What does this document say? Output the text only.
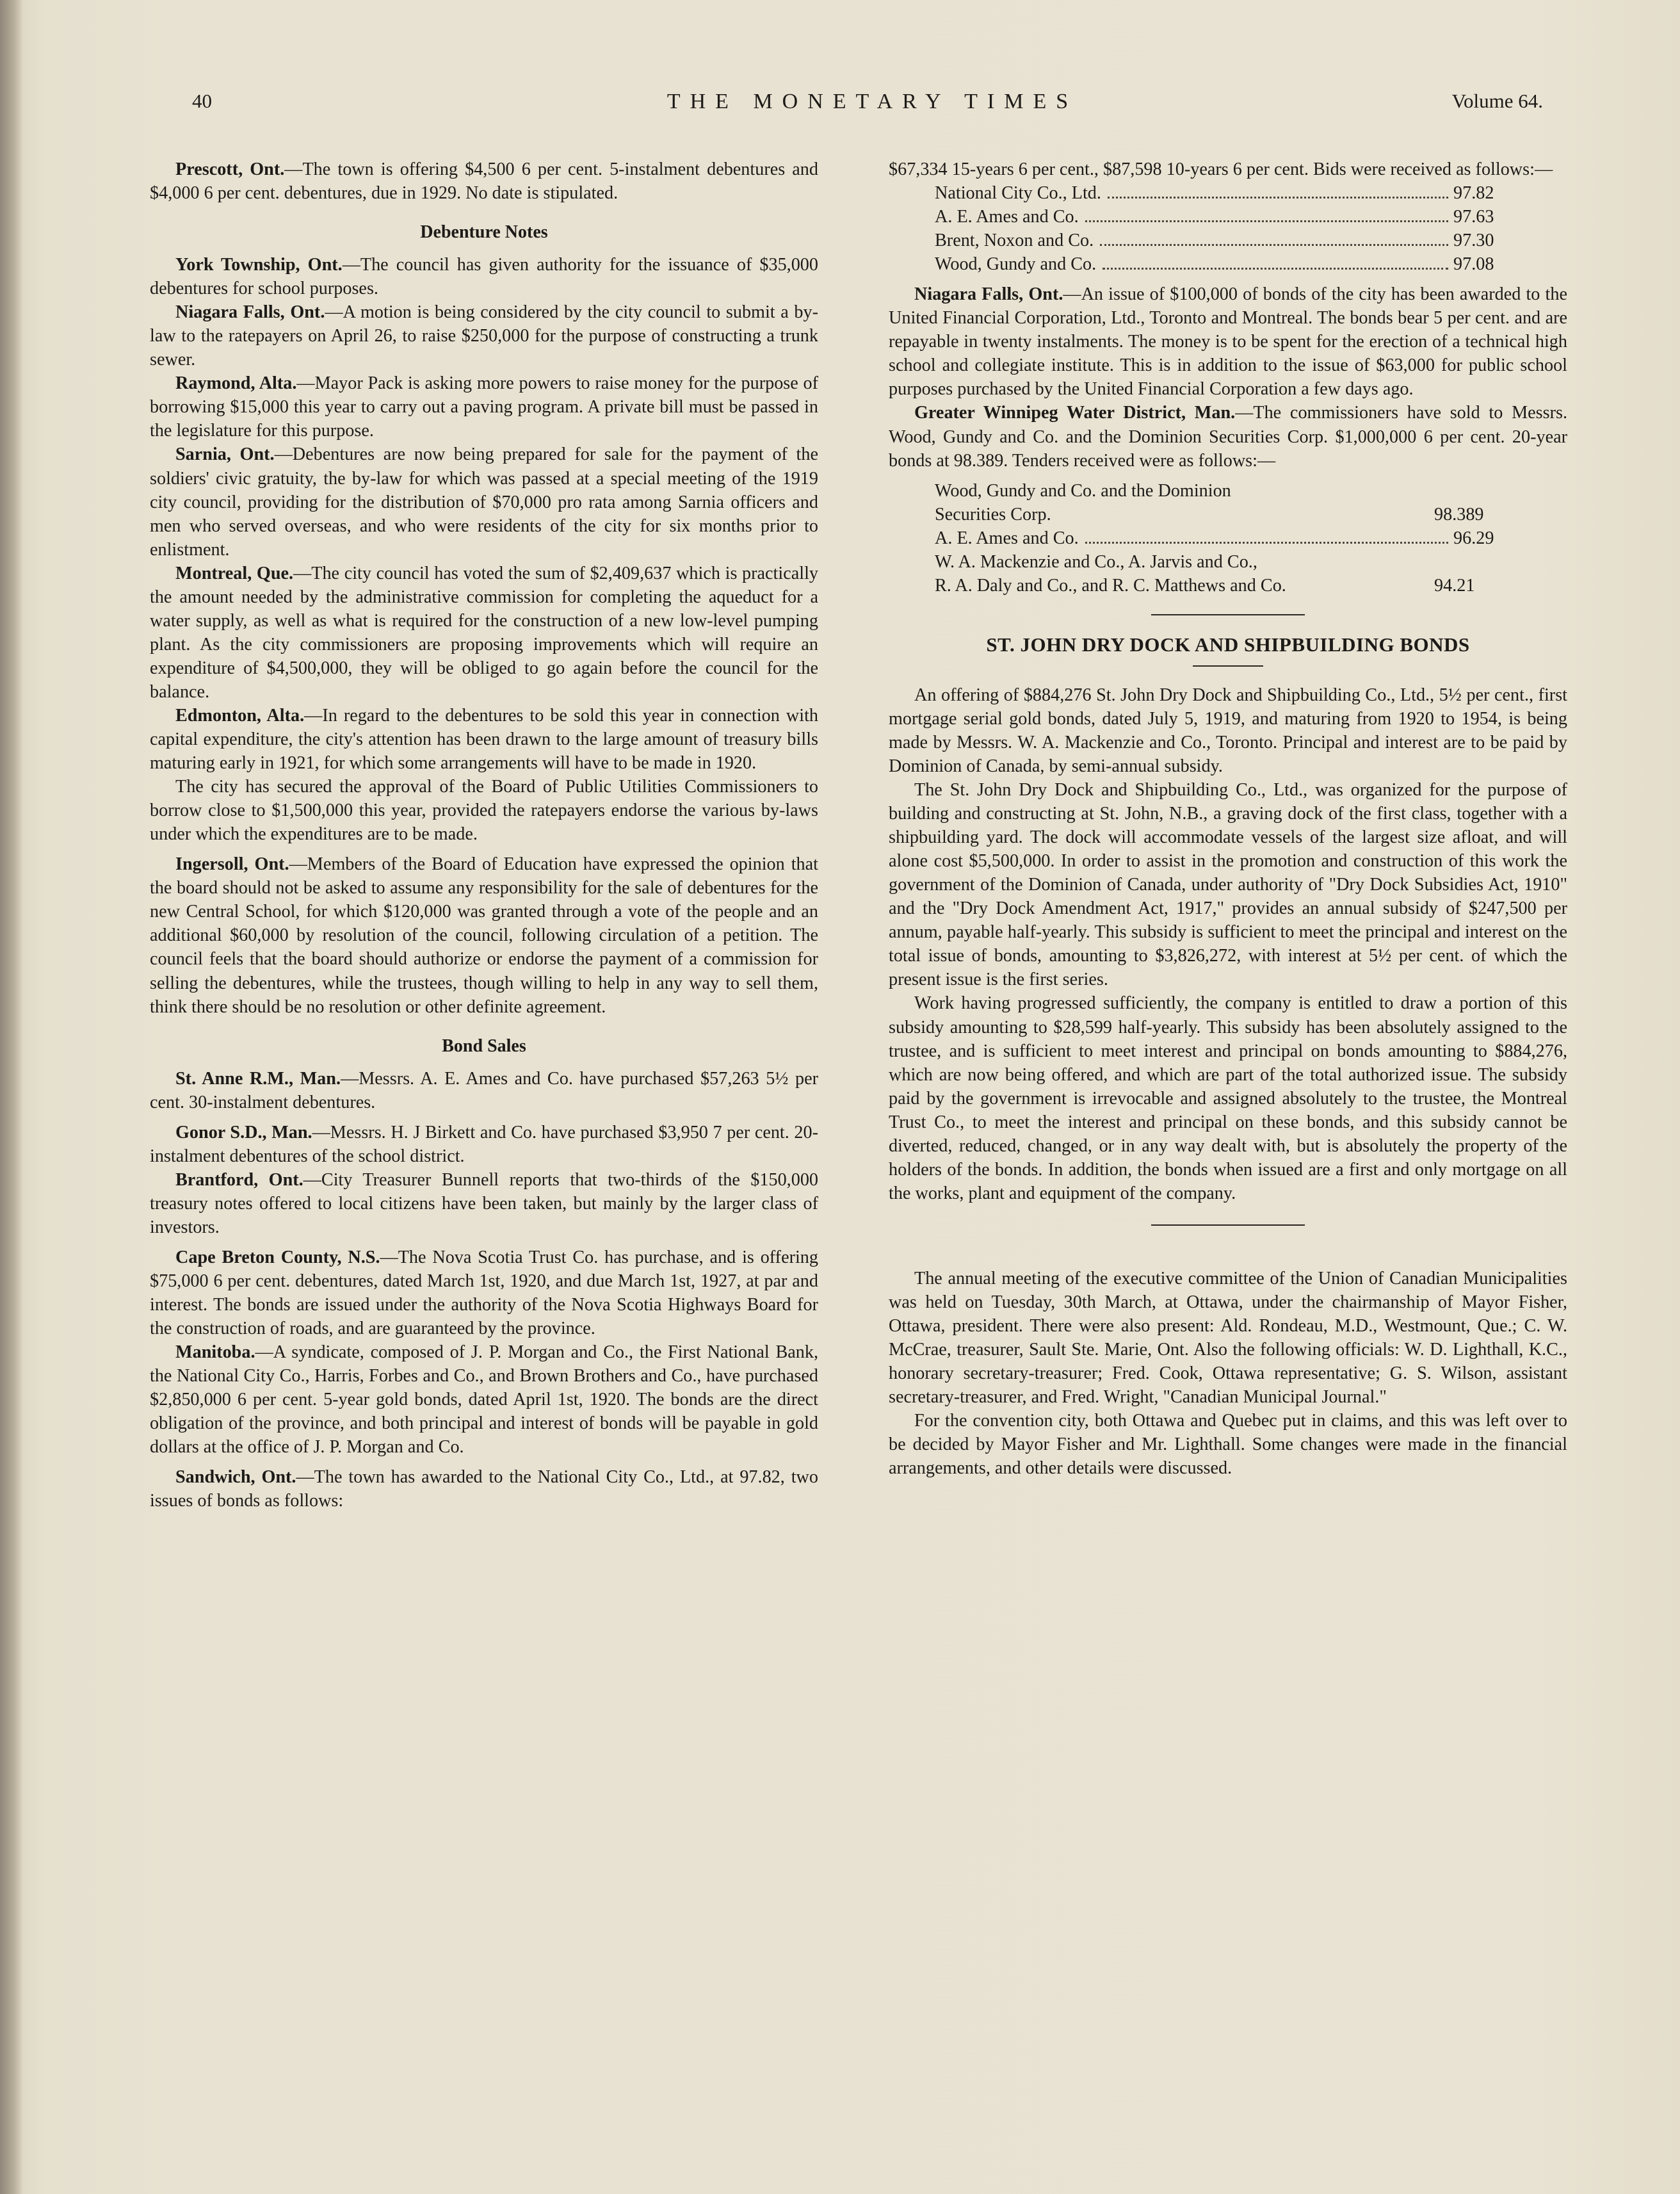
40	THE MONETARY TIMES	Volume 64.

Prescott, Ont.—The town is offering $4,500 6 per cent. 5-instalment debentures and $4,000 6 per cent. debentures, due in 1929. No date is stipulated.

Debenture Notes

York Township, Ont.—The council has given authority for the issuance of $35,000 debentures for school purposes.

Niagara Falls, Ont.—A motion is being considered by the city council to submit a by-law to the ratepayers on April 26, to raise $250,000 for the purpose of constructing a trunk sewer.

Raymond, Alta.—Mayor Pack is asking more powers to raise money for the purpose of borrowing $15,000 this year to carry out a paving program. A private bill must be passed in the legislature for this purpose.

Sarnia, Ont.—Debentures are now being prepared for sale for the payment of the soldiers' civic gratuity, the by-law for which was passed at a special meeting of the 1919 city council, providing for the distribution of $70,000 pro rata among Sarnia officers and men who served overseas, and who were residents of the city for six months prior to enlistment.

Montreal, Que.—The city council has voted the sum of $2,409,637 which is practically the amount needed by the administrative commission for completing the aqueduct for a water supply, as well as what is required for the construction of a new low-level pumping plant. As the city commissioners are proposing improvements which will require an expenditure of $4,500,000, they will be obliged to go again before the council for the balance.

Edmonton, Alta.—In regard to the debentures to be sold this year in connection with capital expenditure, the city's attention has been drawn to the large amount of treasury bills maturing early in 1921, for which some arrangements will have to be made in 1920.

The city has secured the approval of the Board of Public Utilities Commissioners to borrow close to $1,500,000 this year, provided the ratepayers endorse the various by-laws under which the expenditures are to be made.

Ingersoll, Ont.—Members of the Board of Education have expressed the opinion that the board should not be asked to assume any responsibility for the sale of debentures for the new Central School, for which $120,000 was granted through a vote of the people and an additional $60,000 by resolution of the council, following circulation of a petition. The council feels that the board should authorize or endorse the payment of a commission for selling the debentures, while the trustees, though willing to help in any way to sell them, think there should be no resolution or other definite agreement.

Bond Sales

St. Anne R.M., Man.—Messrs. A. E. Ames and Co. have purchased $57,263 5½ per cent. 30-instalment debentures.

Gonor S.D., Man.—Messrs. H. J Birkett and Co. have purchased $3,950 7 per cent. 20-instalment debentures of the school district.

Brantford, Ont.—City Treasurer Bunnell reports that two-thirds of the $150,000 treasury notes offered to local citizens have been taken, but mainly by the larger class of investors.

Cape Breton County, N.S.—The Nova Scotia Trust Co. has purchase, and is offering $75,000 6 per cent. debentures, dated March 1st, 1920, and due March 1st, 1927, at par and interest. The bonds are issued under the authority of the Nova Scotia Highways Board for the construction of roads, and are guaranteed by the province.

Manitoba.—A syndicate, composed of J. P. Morgan and Co., the First National Bank, the National City Co., Harris, Forbes and Co., and Brown Brothers and Co., have purchased $2,850,000 6 per cent. 5-year gold bonds, dated April 1st, 1920. The bonds are the direct obligation of the province, and both principal and interest of bonds will be payable in gold dollars at the office of J. P. Morgan and Co.

Sandwich, Ont.—The town has awarded to the National City Co., Ltd., at 97.82, two issues of bonds as follows:

$67,334 15-years 6 per cent., $87,598 10-years 6 per cent. Bids were received as follows:—

National City Co., Ltd.	97.82
A. E. Ames and Co.	97.63
Brent, Noxon and Co.	97.30
Wood, Gundy and Co.	97.08

Niagara Falls, Ont.—An issue of $100,000 of bonds of the city has been awarded to the United Financial Corporation, Ltd., Toronto and Montreal. The bonds bear 5 per cent. and are repayable in twenty instalments. The money is to be spent for the erection of a technical high school and collegiate institute. This is in addition to the issue of $63,000 for public school purposes purchased by the United Financial Corporation a few days ago.

Greater Winnipeg Water District, Man.—The commissioners have sold to Messrs. Wood, Gundy and Co. and the Dominion Securities Corp. $1,000,000 6 per cent. 20-year bonds at 98.389. Tenders received were as follows:—

Wood, Gundy and Co. and the Dominion
Securities Corp.	98.389
A. E. Ames and Co.	96.29
W. A. Mackenzie and Co., A. Jarvis and Co.,
R. A. Daly and Co., and R. C. Matthews and Co.	94.21
ST. JOHN DRY DOCK AND SHIPBUILDING BONDS

An offering of $884,276 St. John Dry Dock and Shipbuilding Co., Ltd., 5½ per cent., first mortgage serial gold bonds, dated July 5, 1919, and maturing from 1920 to 1954, is being made by Messrs. W. A. Mackenzie and Co., Toronto. Principal and interest are to be paid by Dominion of Canada, by semi-annual subsidy.

The St. John Dry Dock and Shipbuilding Co., Ltd., was organized for the purpose of building and constructing at St. John, N.B., a graving dock of the first class, together with a shipbuilding yard. The dock will accommodate vessels of the largest size afloat, and will alone cost $5,500,000. In order to assist in the promotion and construction of this work the government of the Dominion of Canada, under authority of "Dry Dock Subsidies Act, 1910" and the "Dry Dock Amendment Act, 1917," provides an annual subsidy of $247,500 per annum, payable half-yearly. This subsidy is sufficient to meet the principal and interest on the total issue of bonds, amounting to $3,826,272, with interest at 5½ per cent. of which the present issue is the first series.

Work having progressed sufficiently, the company is entitled to draw a portion of this subsidy amounting to $28,599 half-yearly. This subsidy has been absolutely assigned to the trustee, and is sufficient to meet interest and principal on bonds amounting to $884,276, which are now being offered, and which are part of the total authorized issue. The subsidy paid by the government is irrevocable and assigned absolutely to the trustee, the Montreal Trust Co., to meet the interest and principal on these bonds, and this subsidy cannot be diverted, reduced, changed, or in any way dealt with, but is absolutely the property of the holders of the bonds. In addition, the bonds when issued are a first and only mortgage on all the works, plant and equipment of the company.

The annual meeting of the executive committee of the Union of Canadian Municipalities was held on Tuesday, 30th March, at Ottawa, under the chairmanship of Mayor Fisher, Ottawa, president. There were also present: Ald. Rondeau, M.D., Westmount, Que.; C. W. McCrae, treasurer, Sault Ste. Marie, Ont. Also the following officials: W. D. Lighthall, K.C., honorary secretary-treasurer; Fred. Cook, Ottawa representative; G. S. Wilson, assistant secretary-treasurer, and Fred. Wright, "Canadian Municipal Journal."

For the convention city, both Ottawa and Quebec put in claims, and this was left over to be decided by Mayor Fisher and Mr. Lighthall. Some changes were made in the financial arrangements, and other details were discussed.
